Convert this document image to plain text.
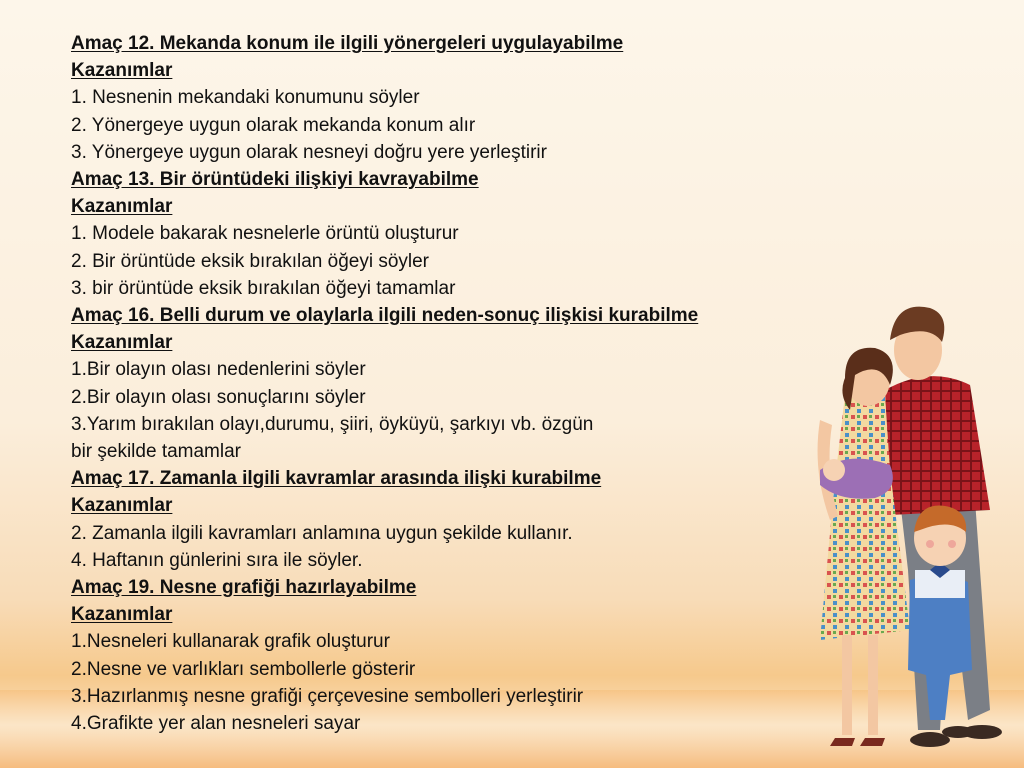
Amaç 12. Mekanda konum ile ilgili yönergeleri uygulayabilme
Kazanımlar
1. Nesnenin mekandaki konumunu söyler
2. Yönergeye uygun olarak mekanda konum alır
3. Yönergeye uygun olarak nesneyi doğru yere yerleştirir
Amaç 13. Bir örüntüdeki ilişkiyi kavrayabilme
Kazanımlar
1. Modele bakarak nesnelerle örüntü oluşturur
2. Bir örüntüde eksik bırakılan öğeyi söyler
3. bir örüntüde eksik bırakılan öğeyi tamamlar
Amaç 16. Belli durum ve olaylarla ilgili neden-sonuç ilişkisi kurabilme
Kazanımlar
1.Bir olayın olası nedenlerini söyler
2.Bir olayın olası sonuçlarını söyler
3.Yarım bırakılan olayı,durumu, şiiri, öyküyü, şarkıyı vb. özgün
bir şekilde tamamlar
Amaç 17. Zamanla ilgili kavramlar arasında ilişki kurabilme
Kazanımlar
2. Zamanla ilgili kavramları anlamına uygun şekilde kullanır.
4. Haftanın günlerini sıra ile söyler.
Amaç 19. Nesne grafiği hazırlayabilme
Kazanımlar
1.Nesneleri kullanarak grafik oluşturur
2.Nesne ve varlıkları sembollerle gösterir
3.Hazırlanmış nesne grafiği çerçevesine sembolleri yerleştirir
4.Grafikte yer alan nesneleri sayar
